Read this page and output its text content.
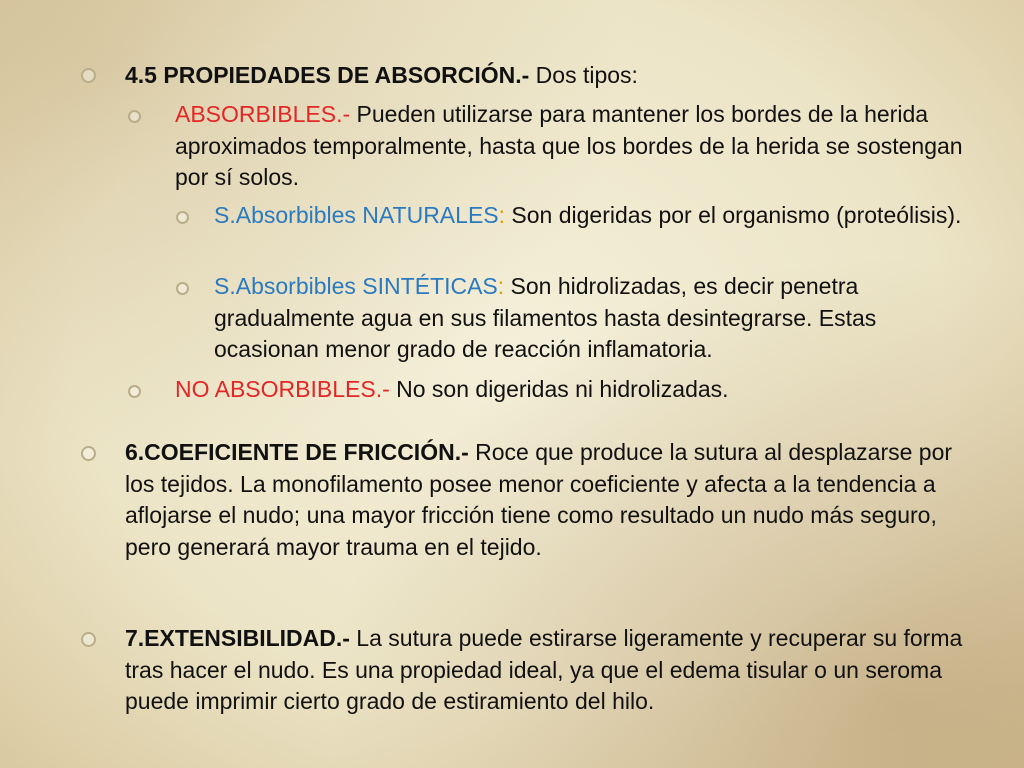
4.5 PROPIEDADES DE ABSORCIÓN.- Dos tipos:

ABSORBIBLES.- Pueden utilizarse para mantener los bordes de la herida aproximados temporalmente, hasta que los bordes de la herida se sostengan por sí solos.

S.Absorbibles NATURALES: Son digeridas por el organismo (proteólisis).

S.Absorbibles SINTÉTICAS: Son hidrolizadas, es decir penetra gradualmente agua en sus filamentos hasta desintegrarse. Estas ocasionan menor grado de reacción inflamatoria.

NO ABSORBIBLES.- No son digeridas ni hidrolizadas.

6.COEFICIENTE DE FRICCIÓN.- Roce que produce la sutura al desplazarse por los tejidos. La monofilamento posee menor coeficiente y afecta a la tendencia a aflojarse el nudo; una mayor fricción tiene como resultado un nudo más seguro, pero generará mayor trauma en el tejido.

7.EXTENSIBILIDAD.- La sutura puede estirarse ligeramente y recuperar su forma tras hacer el nudo. Es una propiedad ideal, ya que el edema tisular o un seroma puede imprimir cierto grado de estiramiento del hilo.
